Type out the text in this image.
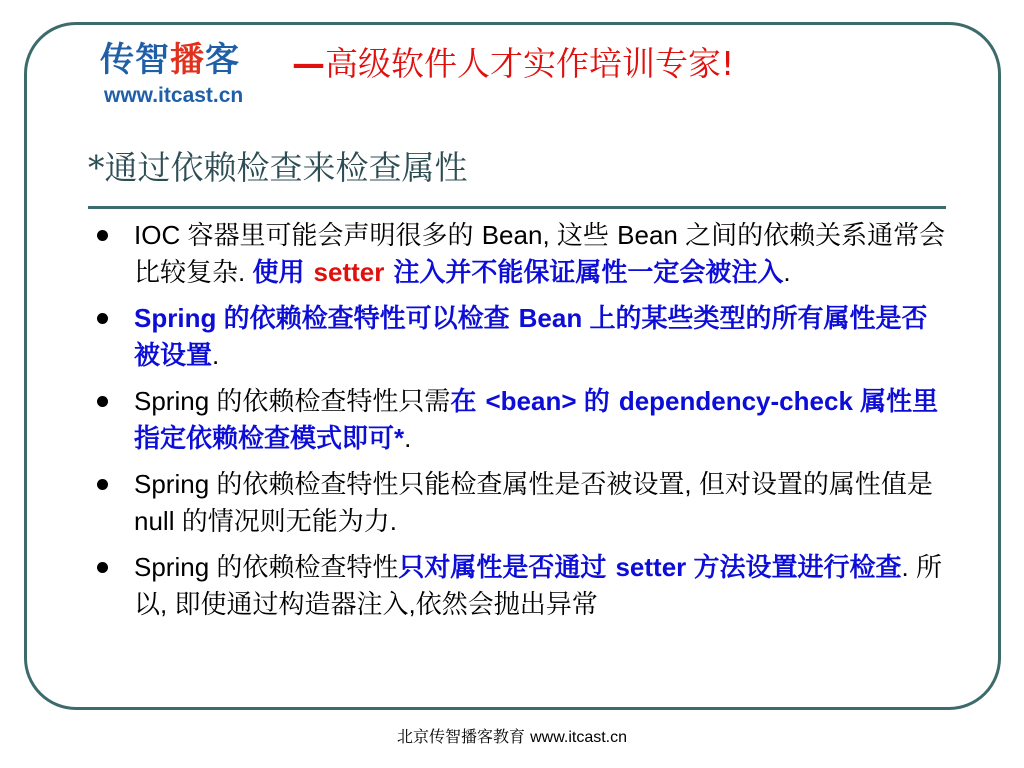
传智播客
www.itcast.cn
—高级软件人才实作培训专家!
*通过依赖检查来检查属性
IOC 容器里可能会声明很多的 Bean, 这些 Bean 之间的依赖关系通常会比较复杂. 使用 setter 注入并不能保证属性一定会被注入.
Spring 的依赖检查特性可以检查 Bean 上的某些类型的所有属性是否被设置.
Spring 的依赖检查特性只需在 <bean> 的 dependency-check 属性里指定依赖检查模式即可*.
Spring 的依赖检查特性只能检查属性是否被设置, 但对设置的属性值是 null 的情况则无能为力.
Spring 的依赖检查特性只对属性是否通过 setter 方法设置进行检查. 所以, 即使通过构造器注入,依然会抛出异常
北京传智播客教育 www.itcast.cn
